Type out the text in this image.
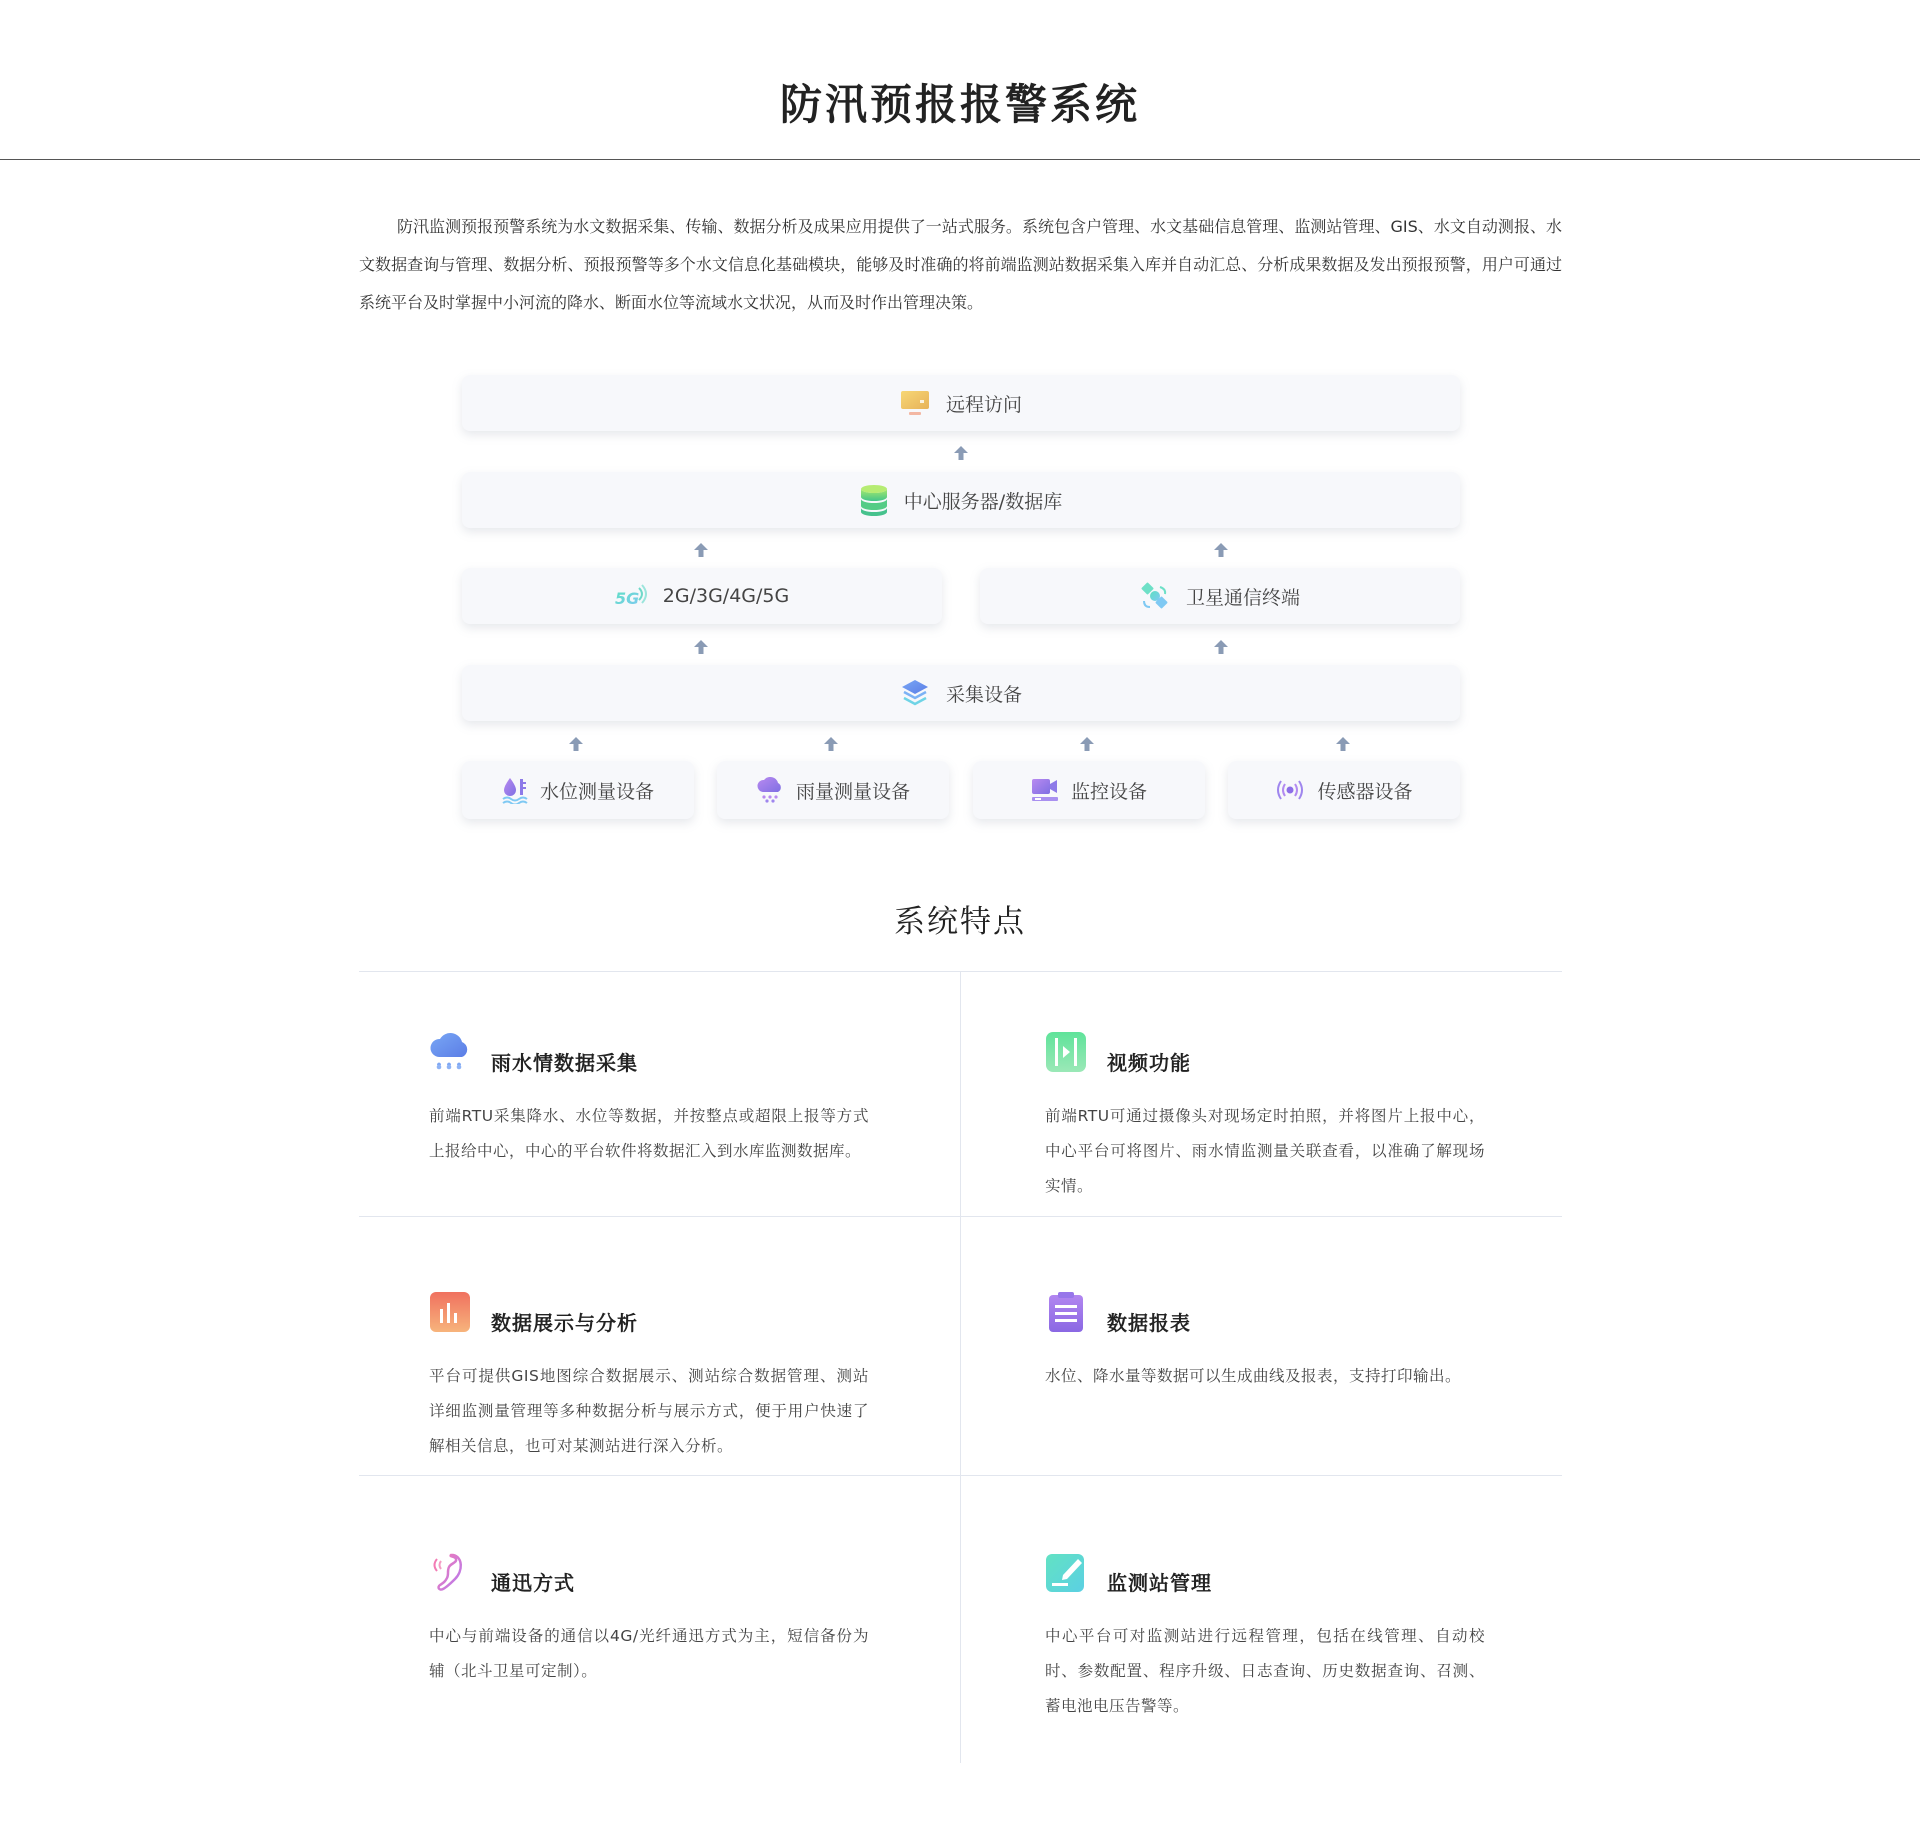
防汛预报报警系统

防汛监测预报预警系统为水文数据采集、传输、数据分析及成果应用提供了一站式服务。系统包含户管理、水文基础信息管理、监测站管理、GIS、水文自动测报、水文数据查询与管理、数据分析、预报预警等多个水文信息化基础模块，能够及时准确的将前端监测站数据采集入库并自动汇总、分析成果数据及发出预报预警，用户可通过系统平台及时掌握中小河流的降水、断面水位等流域水文状况，从而及时作出管理决策。

远程访问
中心服务器/数据库
5G 2G/3G/4G/5G	卫星通信终端
采集设备
水位测量设备	雨量测量设备	监控设备	传感器设备
系统特点
雨水情数据采集

前端RTU采集降水、水位等数据，并按整点或超限上报等方式上报给中心，中心的平台软件将数据汇入到水库监测数据库。

视频功能

前端RTU可通过摄像头对现场定时拍照，并将图片上报中心，中心平台可将图片、雨水情监测量关联查看，以准确了解现场实情。

数据展示与分析

平台可提供GIS地图综合数据展示、测站综合数据管理、测站详细监测量管理等多种数据分析与展示方式，便于用户快速了解相关信息，也可对某测站进行深入分析。

数据报表

水位、降水量等数据可以生成曲线及报表，支持打印输出。

通迅方式

中心与前端设备的通信以4G/光纤通迅方式为主，短信备份为辅（北斗卫星可定制）。

监测站管理

中心平台可对监测站进行远程管理，包括在线管理、自动校时、参数配置、程序升级、日志查询、历史数据查询、召测、蓄电池电压告警等。
